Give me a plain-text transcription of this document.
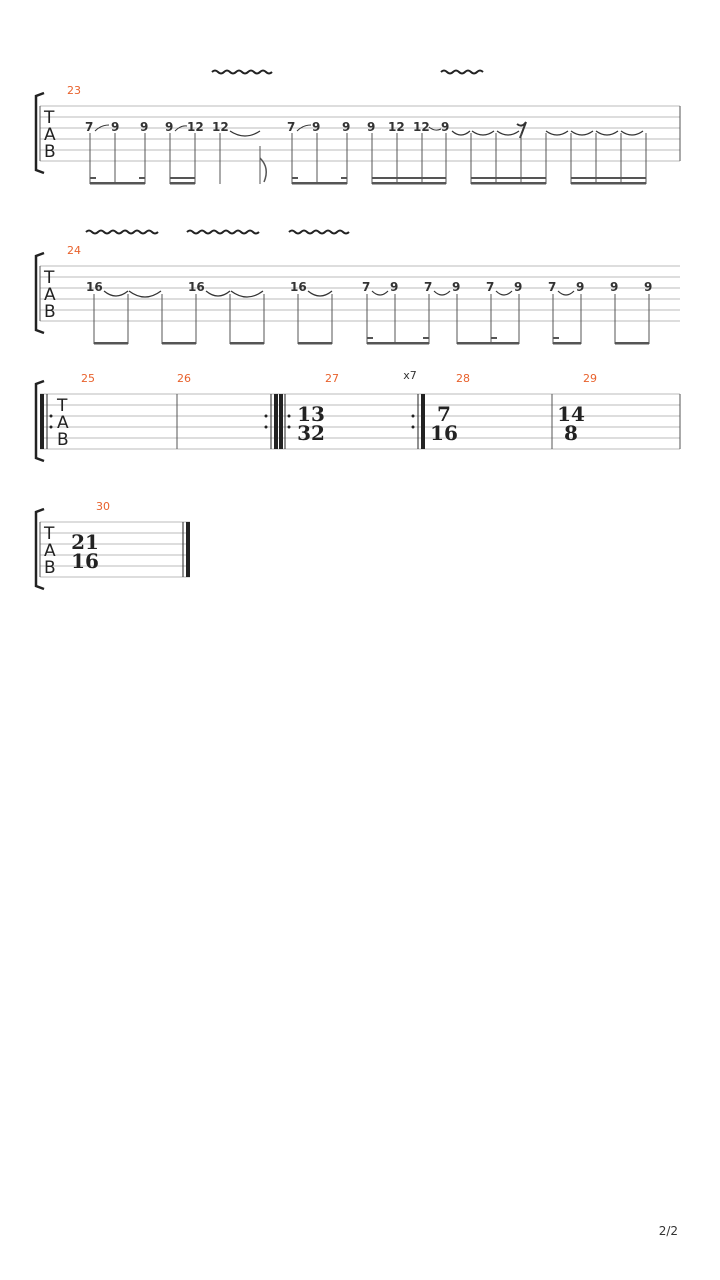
T
A
B
23
7 9 9 9 12 12	7 9 9 9 12 12 9
T
A
B
24
16	16	16	7 9 7 9 7 9 7 9 9 9
T
A
B
25	26	27
13
32
x7	28
7
16
29
14
8
T
A
B
30
21
16
2/2
